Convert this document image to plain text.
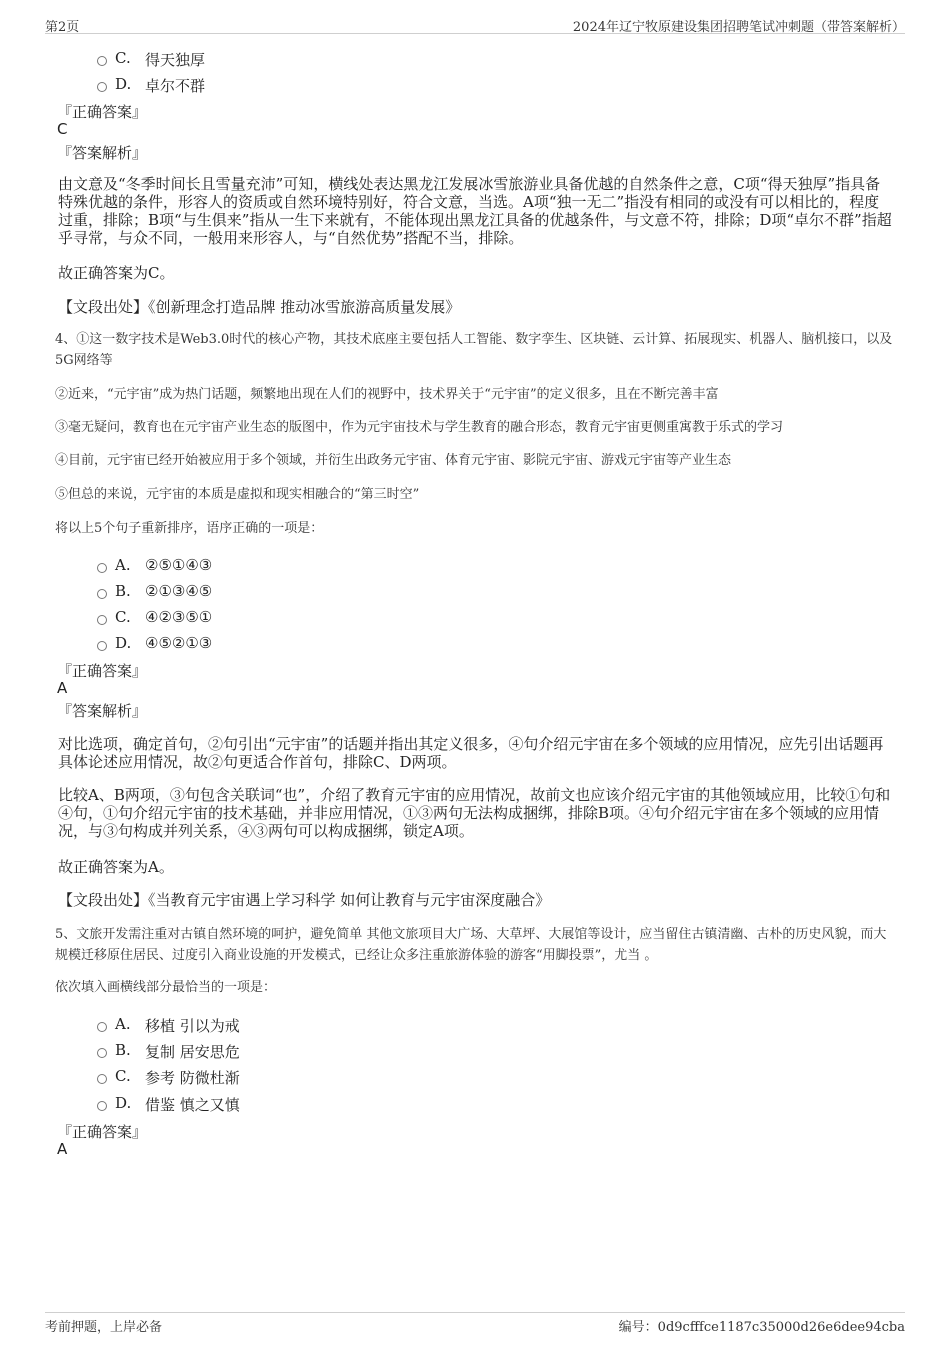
第2页	2024年辽宁牧原建设集团招聘笔试冲刺题（带答案解析）
C. 得天独厚
D. 卓尔不群
『正确答案』
C
『答案解析』
由文意及“冬季时间长且雪量充沛”可知，横线处表达黑龙江发展冰雪旅游业具备优越的自然条件之意，C项“得天独厚”指具备特殊优越的条件，形容人的资质或自然环境特别好，符合文意，当选。A项“独一无二”指没有相同的或没有可以相比的，程度过重，排除；B项“与生俱来”指从一生下来就有，不能体现出黑龙江具备的优越条件，与文意不符，排除；D项“卓尔不群”指超乎寻常，与众不同，一般用来形容人，与“自然优势”搭配不当，排除。
故正确答案为C。
【文段出处】《创新理念打造品牌 推动冰雪旅游高质量发展》
4、①这一数字技术是Web3.0时代的核心产物，其技术底座主要包括人工智能、数字孪生、区块链、云计算、拓展现实、机器人、脑机接口，以及5G网络等
②近来，“元宇宙”成为热门话题，频繁地出现在人们的视野中，技术界关于“元宇宙”的定义很多，且在不断完善丰富
③毫无疑问，教育也在元宇宙产业生态的版图中，作为元宇宙技术与学生教育的融合形态，教育元宇宙更侧重寓教于乐式的学习
④目前，元宇宙已经开始被应用于多个领域，并衍生出政务元宇宙、体育元宇宙、影院元宇宙、游戏元宇宙等产业生态
⑤但总的来说，元宇宙的本质是虚拟和现实相融合的“第三时空”
将以上5个句子重新排序，语序正确的一项是：
A. ②⑤①④③
B. ②①③④⑤
C. ④②③⑤①
D. ④⑤②①③
『正确答案』
A
『答案解析』
对比选项，确定首句，②句引出“元宇宙”的话题并指出其定义很多，④句介绍元宇宙在多个领域的应用情况，应先引出话题再具体论述应用情况，故②句更适合作首句，排除C、D两项。
比较A、B两项，③句包含关联词“也”，介绍了教育元宇宙的应用情况，故前文也应该介绍元宇宙的其他领域应用，比较①句和④句，①句介绍元宇宙的技术基础，并非应用情况，①③两句无法构成捆绑，排除B项。④句介绍元宇宙在多个领域的应用情况，与③句构成并列关系，④③两句可以构成捆绑，锁定A项。
故正确答案为A。
【文段出处】《当教育元宇宙遇上学习科学 如何让教育与元宇宙深度融合》
5、文旅开发需注重对古镇自然环境的呵护，避免简单 其他文旅项目大广场、大草坪、大展馆等设计，应当留住古镇清幽、古朴的历史风貌，而大规模迁移原住居民、过度引入商业设施的开发模式，已经让众多注重旅游体验的游客“用脚投票”，尤当 。
依次填入画横线部分最恰当的一项是：
A. 移植 引以为戒
B. 复制 居安思危
C. 参考 防微杜渐
D. 借鉴 慎之又慎
『正确答案』
A
考前押题，上岸必备	编号：0d9cfffce1187c35000d26e6dee94cba
